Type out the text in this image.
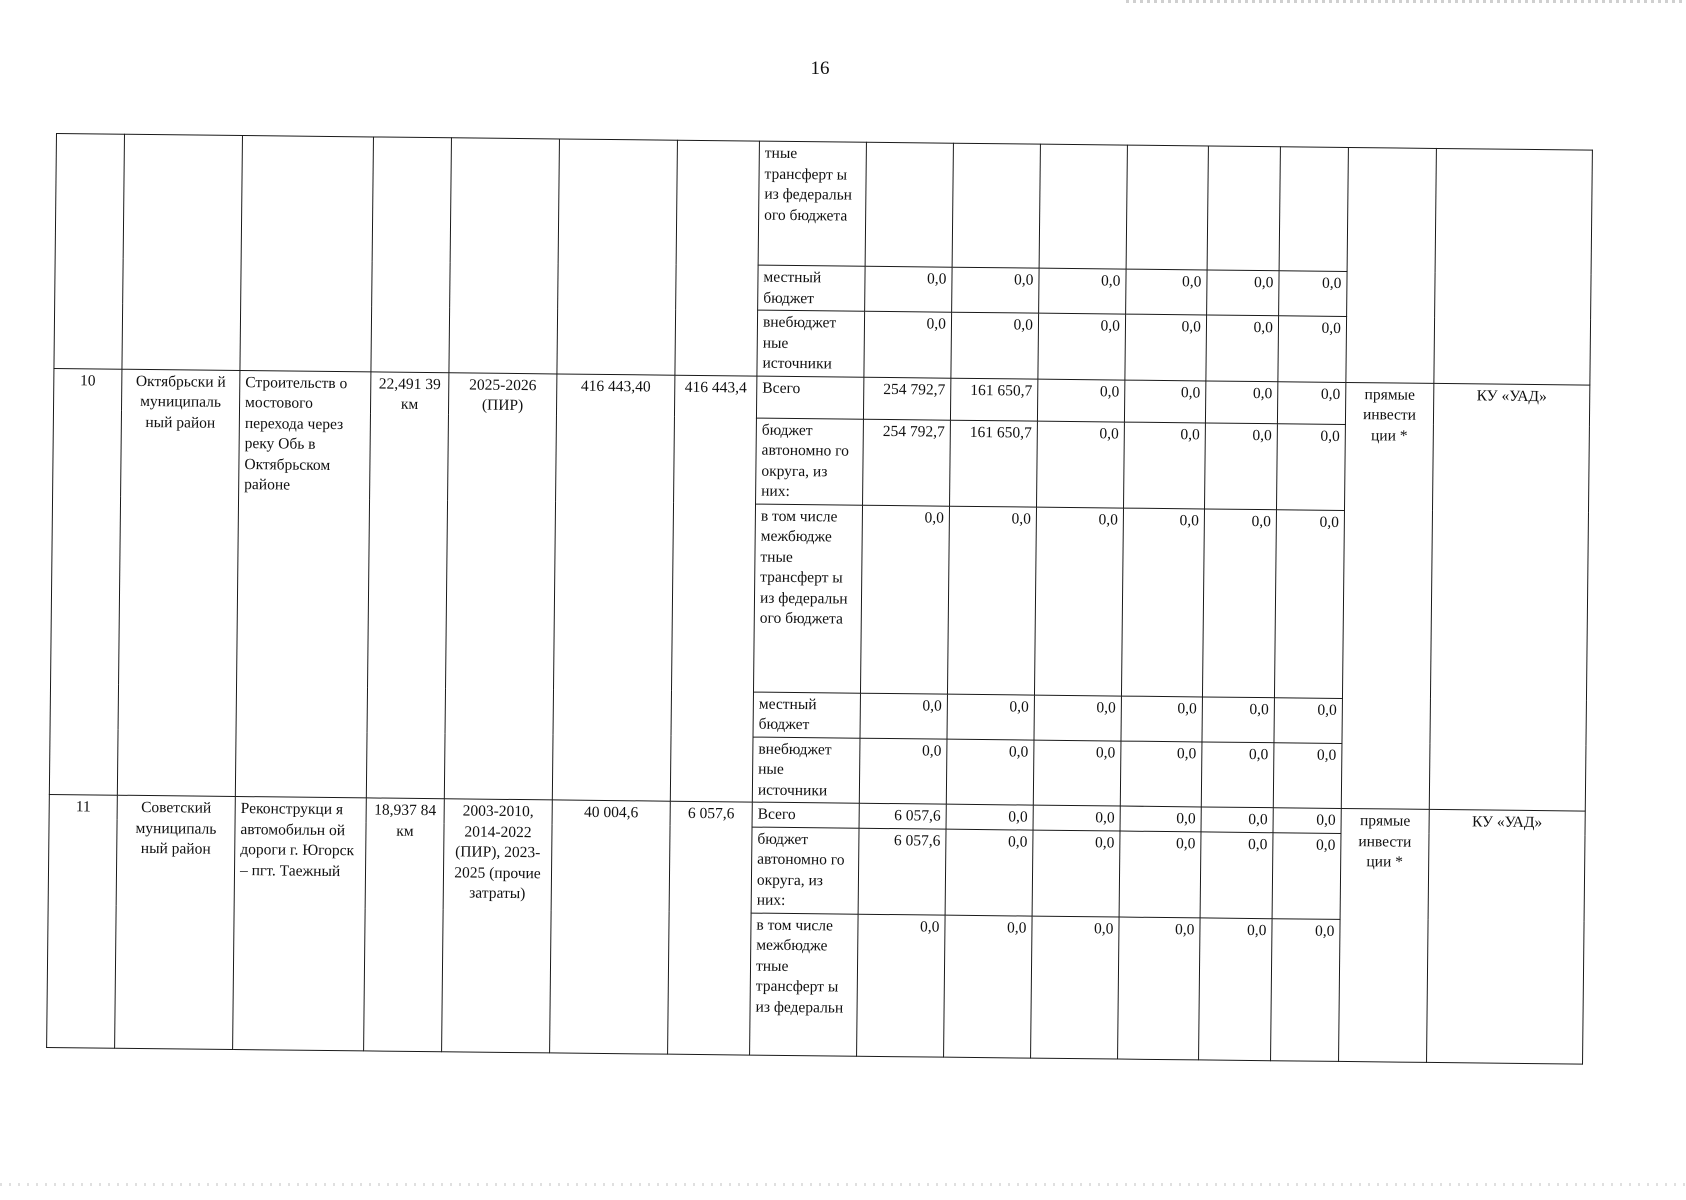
16
							тные трансферт ы из федеральн ого бюджета								
							местный бюджет	0,0	0,0	0,0	0,0	0,0	0,0		
							внебюджет ные источники	0,0	0,0	0,0	0,0	0,0	0,0		
10	Октябрьски й муниципаль ный район	Строительств о мостового перехода через реку Обь в Октябрьском районе	22,491 39 км	2025-2026 (ПИР)	416 443,40	416 443,4	Всего	254 792,7	161 650,7	0,0	0,0	0,0	0,0	прямые инвести ции *	КУ «УАД»
							бюджет автономно го округа, из них:	254 792,7	161 650,7	0,0	0,0	0,0	0,0		
							в том числе межбюдже тные трансферт ы из федеральн ого бюджета	0,0	0,0	0,0	0,0	0,0	0,0		
							местный бюджет	0,0	0,0	0,0	0,0	0,0	0,0		
							внебюджет ные источники	0,0	0,0	0,0	0,0	0,0	0,0		
11	Советский муниципаль ный район	Реконструкци я автомобильн ой дороги г. Югорск – пгт. Таежный	18,937 84 км	2003-2010, 2014-2022 (ПИР), 2023-2025 (прочие затраты)	40 004,6	6 057,6	Всего	6 057,6	0,0	0,0	0,0	0,0	0,0	прямые инвести ции *	КУ «УАД»
							бюджет автономно го округа, из них:	6 057,6	0,0	0,0	0,0	0,0	0,0		
							в том числе межбюдже тные трансферт ы из федеральн	0,0	0,0	0,0	0,0	0,0	0,0		
